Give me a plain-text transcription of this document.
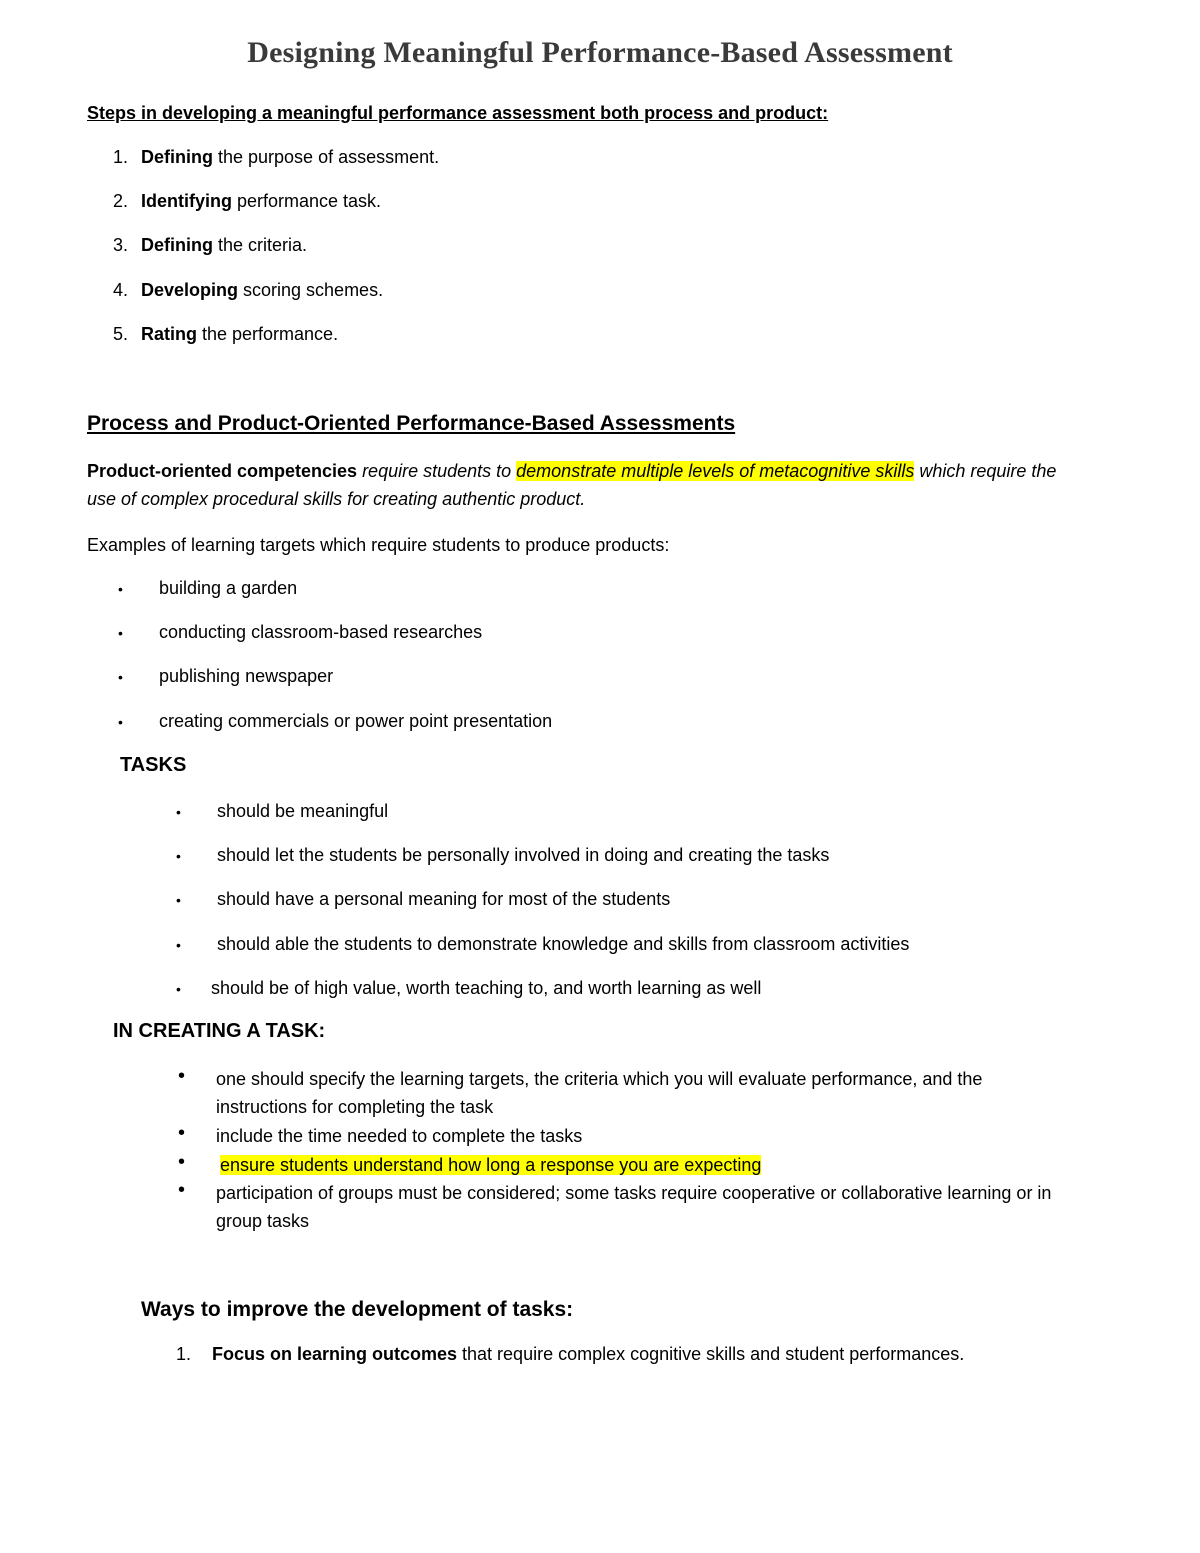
Designing Meaningful Performance-Based Assessment
Steps in developing a meaningful performance assessment both process and product:
1. Defining the purpose of assessment.
2. Identifying performance task.
3. Defining the criteria.
4. Developing scoring schemes.
5. Rating the performance.
Process and Product-Oriented Performance-Based Assessments
Product-oriented competencies require students to demonstrate multiple levels of metacognitive skills which require the use of complex procedural skills for creating authentic product.
Examples of learning targets which require students to produce products:
• building a garden
• conducting classroom-based researches
• publishing newspaper
• creating commercials or power point presentation
TASKS
• should be meaningful
• should let the students be personally involved in doing and creating the tasks
• should have a personal meaning for most of the students
• should able the students to demonstrate knowledge and skills from classroom activities
• should be of high value, worth teaching to, and worth learning as well
IN CREATING A TASK:
• one should specify the learning targets, the criteria which you will evaluate performance, and the instructions for completing the task
• include the time needed to complete the tasks
• ensure students understand how long a response you are expecting
• participation of groups must be considered; some tasks require cooperative or collaborative learning or in group tasks
Ways to improve the development of tasks:
1. Focus on learning outcomes that require complex cognitive skills and student performances.
